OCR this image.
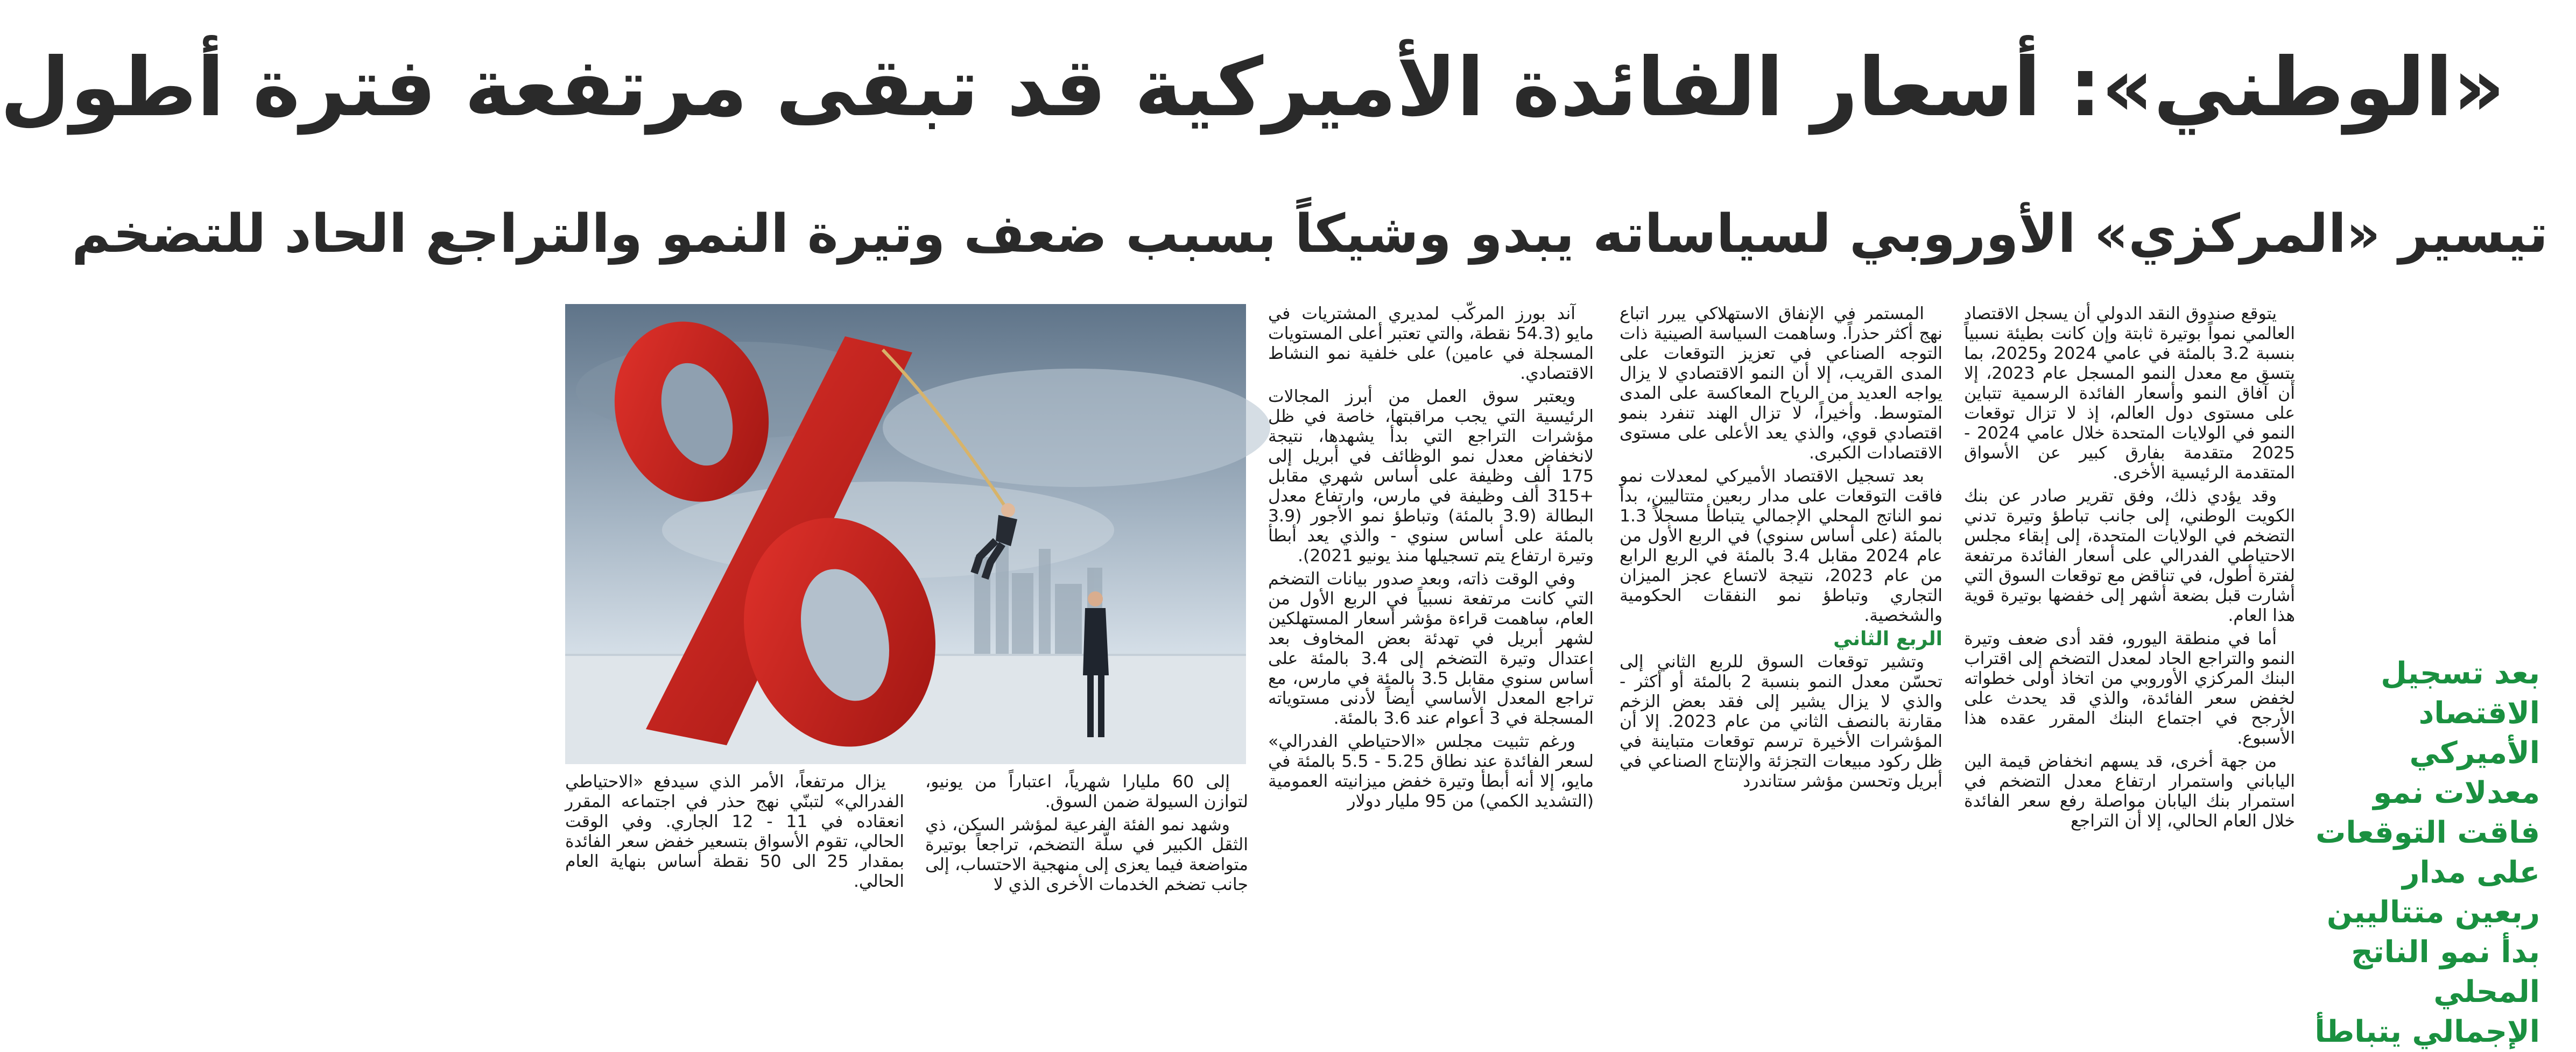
«الوطني»: أسعار الفائدة الأميركية قد تبقى مرتفعة فترة أطول
تيسير «المركزي» الأوروبي لسياساته يبدو وشيكاً بسبب ضعف وتيرة النمو والتراجع الحاد للتضخم

يتوقع صندوق النقد الدولي أن يسجل الاقتصاد العالمي نمواً بوتيرة ثابتة وإن كانت بطيئة نسبياً بنسبة 3.2 بالمئة في عامي 2024 و2025، بما يتسق مع معدل النمو المسجل عام 2023، إلا أن آفاق النمو وأسعار الفائدة الرسمية تتباين على مستوى دول العالم، إذ لا تزال توقعات النمو في الولايات المتحدة خلال عامي 2024 - 2025 متقدمة بفارق كبير عن الأسواق المتقدمة الرئيسية الأخرى.

وقد يؤدي ذلك، وفق تقرير صادر عن بنك الكويت الوطني، إلى جانب تباطؤ وتيرة تدني التضخم في الولايات المتحدة، إلى إبقاء مجلس الاحتياطي الفدرالي على أسعار الفائدة مرتفعة لفترة أطول، في تناقض مع توقعات السوق التي أشارت قبل بضعة أشهر إلى خفضها بوتيرة قوية هذا العام.

أما في منطقة اليورو، فقد أدى ضعف وتيرة النمو والتراجع الحاد لمعدل التضخم إلى اقتراب البنك المركزي الأوروبي من اتخاذ أولى خطواته لخفض سعر الفائدة، والذي قد يحدث على الأرجح في اجتماع البنك المقرر عقده هذا الأسبوع.

من جهة أخرى، قد يسهم انخفاض قيمة الين الياباني واستمرار ارتفاع معدل التضخم في استمرار بنك اليابان مواصلة رفع سعر الفائدة خلال العام الحالي، إلا أن التراجع

المستمر في الإنفاق الاستهلاكي يبرر اتباع نهج أكثر حذراً. وساهمت السياسة الصينية ذات التوجه الصناعي في تعزيز التوقعات على المدى القريب، إلا أن النمو الاقتصادي لا يزال يواجه العديد من الرياح المعاكسة على المدى المتوسط. وأخيراً، لا تزال الهند تنفرد بنمو اقتصادي قوي، والذي يعد الأعلى على مستوى الاقتصادات الكبرى.

بعد تسجيل الاقتصاد الأميركي لمعدلات نمو فاقت التوقعات على مدار ربعين متتاليين، بدأ نمو الناتج المحلي الإجمالي يتباطأ مسجلاً 1.3 بالمئة (على أساس سنوي) في الربع الأول من عام 2024 مقابل 3.4 بالمئة في الربع الرابع من عام 2023، نتيجة لاتساع عجز الميزان التجاري وتباطؤ نمو النفقات الحكومية والشخصية.

الربع الثاني

وتشير توقعات السوق للربع الثاني إلى تحسّن معدل النمو بنسبة 2 بالمئة أو أكثر - والذي لا يزال يشير إلى فقد بعض الزخم مقارنة بالنصف الثاني من عام 2023. إلا أن المؤشرات الأخيرة ترسم توقعات متباينة في ظل ركود مبيعات التجزئة والإنتاج الصناعي في أبريل وتحسن مؤشر ستاندرد

آند بورز المركّب لمديري المشتريات في مايو (54.3 نقطة، والتي تعتبر أعلى المستويات المسجلة في عامين) على خلفية نمو النشاط الاقتصادي.

ويعتبر سوق العمل من أبرز المجالات الرئيسية التي يجب مراقبتها، خاصة في ظل مؤشرات التراجع التي بدأ يشهدها، نتيجة لانخفاض معدل نمو الوظائف في أبريل إلى 175 ألف وظيفة على أساس شهري مقابل +315 ألف وظيفة في مارس، وارتفاع معدل البطالة (3.9 بالمئة) وتباطؤ نمو الأجور (3.9 بالمئة على أساس سنوي - والذي يعد أبطأ وتيرة ارتفاع يتم تسجيلها منذ يونيو 2021).

وفي الوقت ذاته، وبعد صدور بيانات التضخم التي كانت مرتفعة نسبياً في الربع الأول من العام، ساهمت قراءة مؤشر أسعار المستهلكين لشهر أبريل في تهدئة بعض المخاوف بعد اعتدال وتيرة التضخم إلى 3.4 بالمئة على أساس سنوي مقابل 3.5 بالمئة في مارس، مع تراجع المعدل الأساسي أيضاً لأدنى مستوياته المسجلة في 3 أعوام عند 3.6 بالمئة.

ورغم تثبيت مجلس «الاحتياطي الفدرالي» لسعر الفائدة عند نطاق 5.25 - 5.5 بالمئة في مايو، إلا أنه أبطأ وتيرة خفض ميزانيته العمومية (التشديد الكمي) من 95 مليار دولار

إلى 60 مليارا شهرياً، اعتباراً من يونيو، لتوازن السيولة ضمن السوق.

وشهد نمو الفئة الفرعية لمؤشر السكن، ذي الثقل الكبير في سلّة التضخم، تراجعاً بوتيرة متواضعة فيما يعزى إلى منهجية الاحتساب، إلى جانب تضخم الخدمات الأخرى الذي لا

يزال مرتفعاً، الأمر الذي سيدفع «الاحتياطي الفدرالي» لتبنّي نهج حذر في اجتماعه المقرر انعقاده في 11 - 12 الجاري. وفي الوقت الحالي، تقوم الأسواق بتسعير خفض سعر الفائدة بمقدار 25 الى 50 نقطة أساس بنهاية العام الحالي.

بعد تسجيل الاقتصاد الأميركي معدلات نمو فاقت التوقعات على مدار ربعين متتاليين بدأ نمو الناتج المحلي الإجمالي يتباطأ
